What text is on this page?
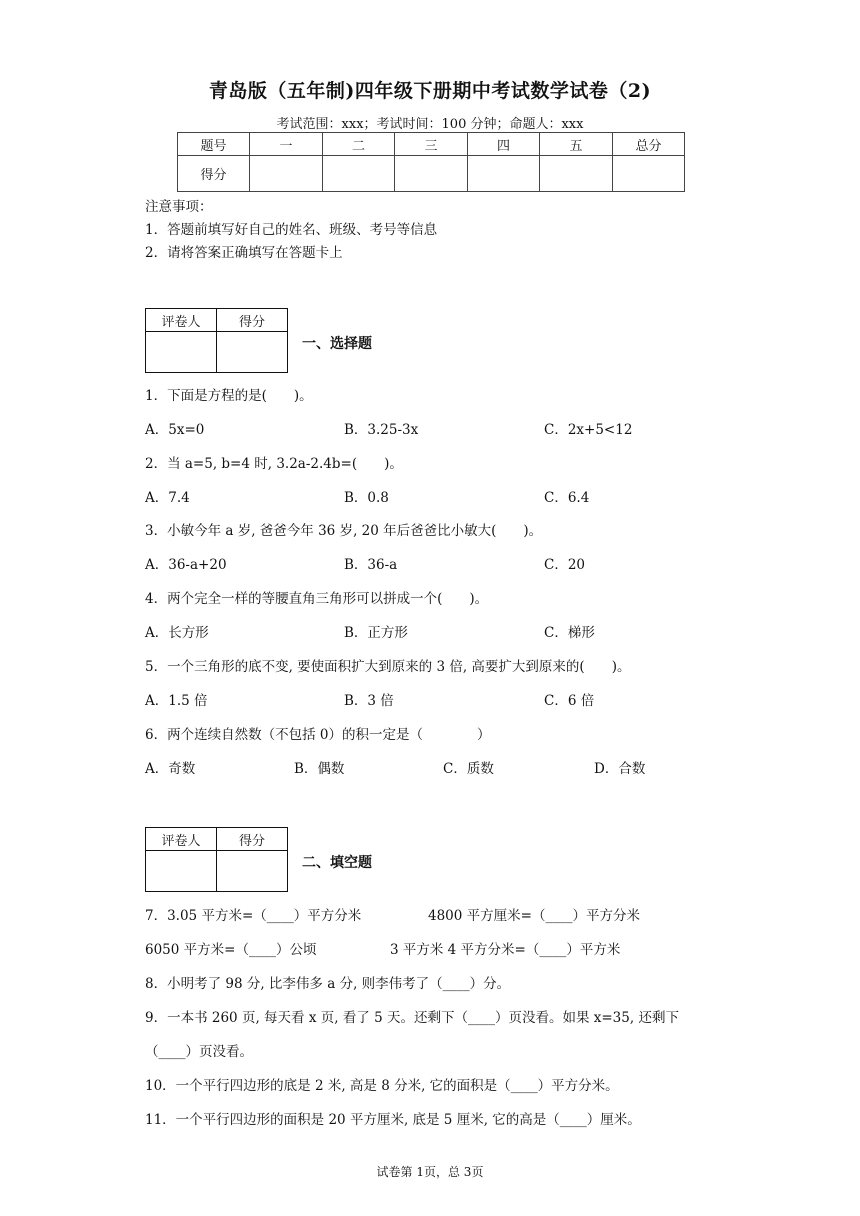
青岛版（五年制)四年级下册期中考试数学试卷（2)
考试范围：xxx；考试时间：100 分钟；命题人：xxx
题号	一	二	三	四	五	总分
得分						
注意事项：
1．答题前填写好自己的姓名、班级、考号等信息
2．请将答案正确填写在答题卡上
评卷人	得分

一、选择题
1．下面是方程的是(　　)。
A．5x=0	B．3.25-3x	C．2x+5<12
2．当 a=5, b=4 时, 3.2a-2.4b=(　　)。
A．7.4	B．0.8	C．6.4
3．小敏今年 a 岁, 爸爸今年 36 岁, 20 年后爸爸比小敏大(　　)。
A．36-a+20	B．36-a	C．20
4．两个完全一样的等腰直角三角形可以拼成一个(　　)。
A．长方形	B．正方形	C．梯形
5．一个三角形的底不变, 要使面积扩大到原来的 3 倍, 高要扩大到原来的(　　)。
A．1.5 倍	B．3 倍	C．6 倍
6．两个连续自然数（不包括 0）的积一定是（　　　　）
A．奇数	B．偶数	C．质数	D．合数
评卷人	得分

二、填空题
7．3.05 平方米=（____）平方分米	4800 平方厘米=（____）平方分米
6050 平方米=（____）公顷	3 平方米 4 平方分米=（____）平方米
8．小明考了 98 分, 比李伟多 a 分, 则李伟考了（____）分。
9．一本书 260 页, 每天看 x 页, 看了 5 天。还剩下（____）页没看。如果 x=35, 还剩下
（____）页没看。
10．一个平行四边形的底是 2 米, 高是 8 分米, 它的面积是（____）平方分米。
11．一个平行四边形的面积是 20 平方厘米, 底是 5 厘米, 它的高是（____）厘米。
试卷第 1页，总 3页
